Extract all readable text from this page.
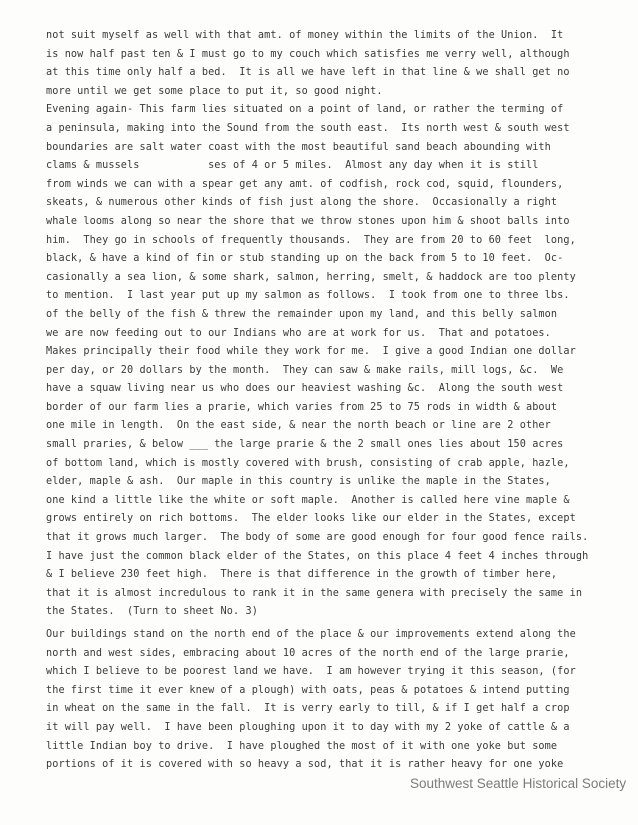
not suit myself as well with that amt. of money within the limits of the Union.  It
is now half past ten & I must go to my couch which satisfies me verry well, although
at this time only half a bed.  It is all we have left in that line & we shall get no
more until we get some place to put it, so good night.
Evening again- This farm lies situated on a point of land, or rather the terming of
a peninsula, making into the Sound from the south east.  Its north west & south west
boundaries are salt water coast with the most beautiful sand beach abounding with
clams & mussels           ses of 4 or 5 miles.  Almost any day when it is still
from winds we can with a spear get any amt. of codfish, rock cod, squid, flounders,
skeats, & numerous other kinds of fish just along the shore.  Occasionally a right
whale looms along so near the shore that we throw stones upon him & shoot balls into
him.  They go in schools of frequently thousands.  They are from 20 to 60 feet  long,
black, & have a kind of fin or stub standing up on the back from 5 to 10 feet.  Oc-
casionally a sea lion, & some shark, salmon, herring, smelt, & haddock are too plenty
to mention.  I last year put up my salmon as follows.  I took from one to three lbs.
of the belly of the fish & threw the remainder upon my land, and this belly salmon
we are now feeding out to our Indians who are at work for us.  That and potatoes.
Makes principally their food while they work for me.  I give a good Indian one dollar
per day, or 20 dollars by the month.  They can saw & make rails, mill logs, &c.  We
have a squaw living near us who does our heaviest washing &c.  Along the south west
border of our farm lies a prarie, which varies from 25 to 75 rods in width & about
one mile in length.  On the east side, & near the north beach or line are 2 other
small praries, & below ___ the large prarie & the 2 small ones lies about 150 acres
of bottom land, which is mostly covered with brush, consisting of crab apple, hazle,
elder, maple & ash.  Our maple in this country is unlike the maple in the States,
one kind a little like the white or soft maple.  Another is called here vine maple &
grows entirely on rich bottoms.  The elder looks like our elder in the States, except
that it grows much larger.  The body of some are good enough for four good fence rails.
I have just the common black elder of the States, on this place 4 feet 4 inches through
& I believe 230 feet high.  There is that difference in the growth of timber here,
that it is almost incredulous to rank it in the same genera with precisely the same in
the States.  (Turn to sheet No. 3)
Our buildings stand on the north end of the place & our improvements extend along the
north and west sides, embracing about 10 acres of the north end of the large prarie,
which I believe to be poorest land we have.  I am however trying it this season, (for
the first time it ever knew of a plough) with oats, peas & potatoes & intend putting
in wheat on the same in the fall.  It is verry early to till, & if I get half a crop
it will pay well.  I have been ploughing upon it to day with my 2 yoke of cattle & a
little Indian boy to drive.  I have ploughed the most of it with one yoke but some
portions of it is covered with so heavy a sod, that it is rather heavy for one yoke
Southwest Seattle Historical Society
